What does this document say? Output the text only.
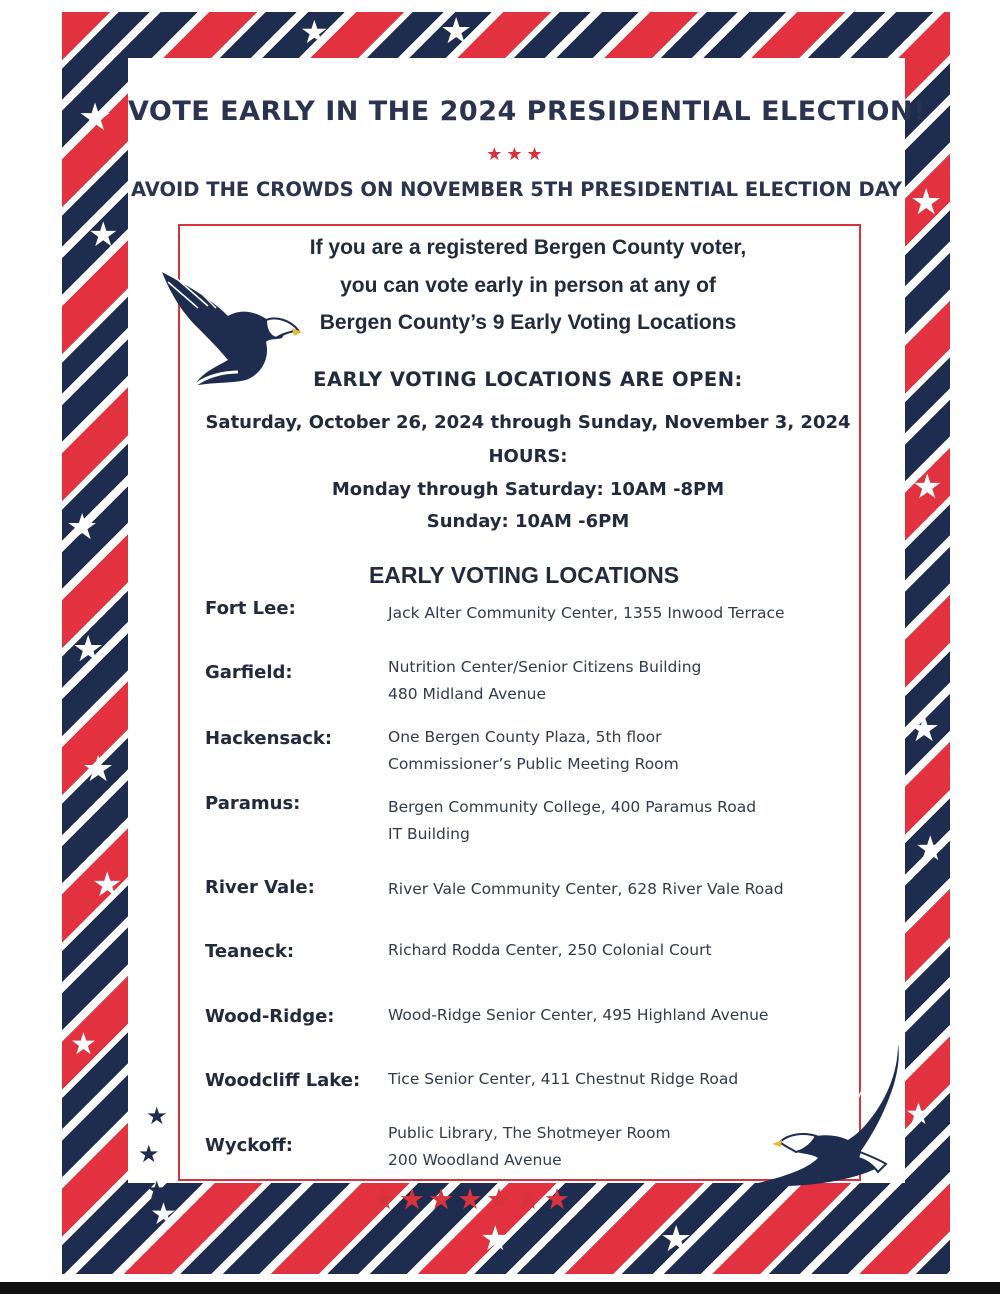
★
★
★
★
★
★
★
★
★
★
★
★
★	★
★
★	★
★
★
★
VOTE EARLY IN THE 2024 PRESIDENTIAL ELECTION!
★★★
AVOID THE CROWDS ON NOVEMBER 5TH PRESIDENTIAL ELECTION DAY
If you are a registered Bergen County voter,
you can vote early in person at any of
Bergen County’s 9 Early Voting Locations
EARLY VOTING LOCATIONS ARE OPEN:
Saturday, October 26, 2024 through Sunday, November 3, 2024
HOURS:
Monday through Saturday: 10AM -8PM
Sunday: 10AM -6PM
EARLY VOTING LOCATIONS
Fort Lee:	Jack Alter Community Center, 1355 Inwood Terrace
Garfield:	Nutrition Center/Senior Citizens Building
480 Midland Avenue
Hackensack:	One Bergen County Plaza, 5th floor
Commissioner’s Public Meeting Room
Paramus:	Bergen Community College, 400 Paramus Road
IT Building
River Vale:	River Vale Community Center, 628 River Vale Road
Teaneck:	Richard Rodda Center, 250 Colonial Court
Wood-Ridge:	Wood-Ridge Senior Center, 495 Highland Avenue
Woodcliff Lake: Tice Senior Center, 411 Chestnut Ridge Road
Wyckoff:
Public Library, The Shotmeyer Room
200 Woodland Avenue
★★★★★★★
